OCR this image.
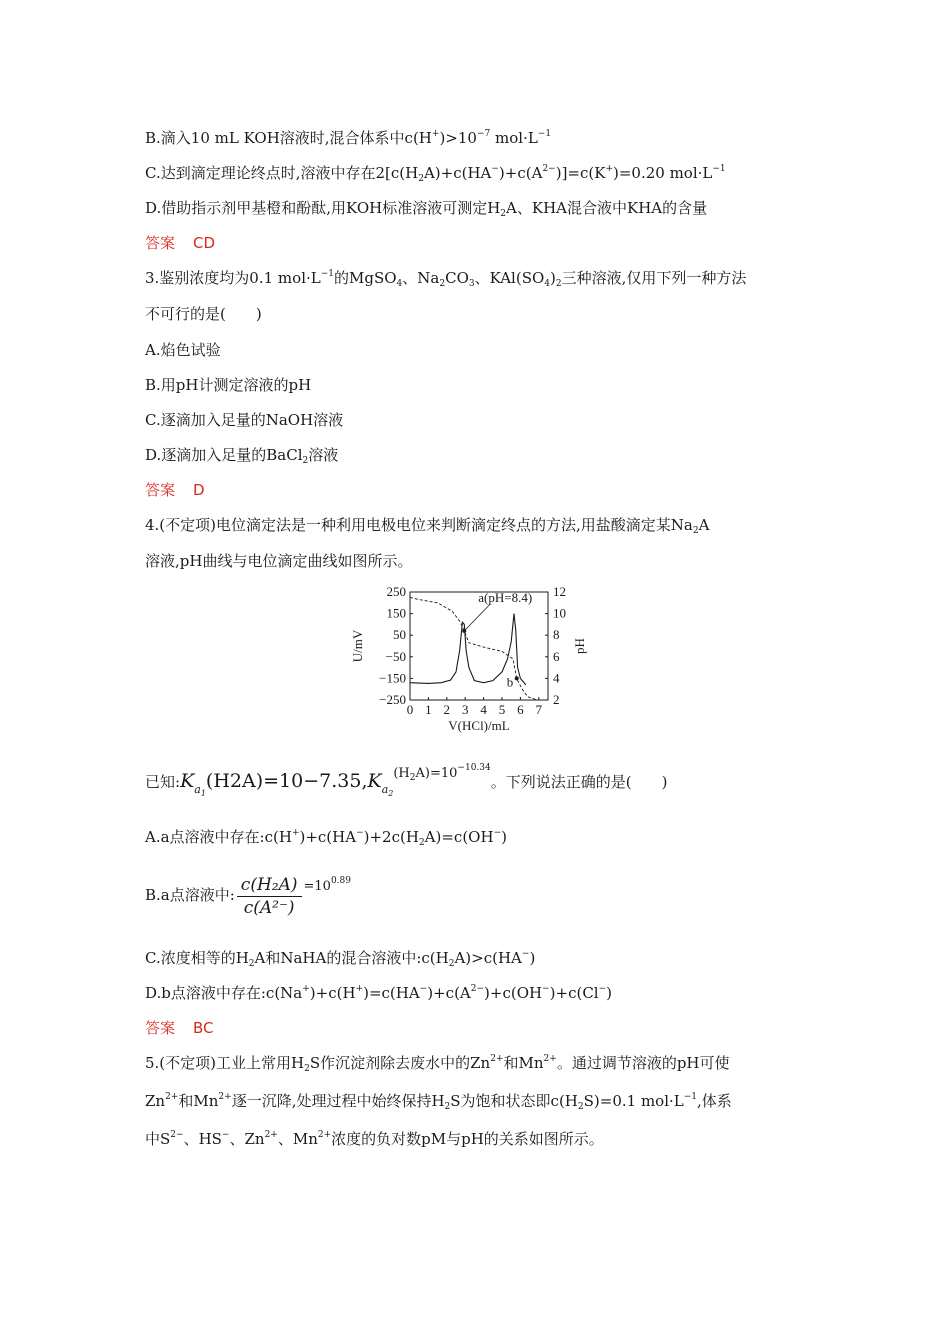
B.滴入10 mL KOH溶液时,混合体系中$c(H^+)>10^{-7}$ $mol\cdot L^{-1}$
C.达到滴定理论终点时,溶液中存在$2[c(H_2A)+c(HA^-)+c(A^{2-})]=c(K^+)=0.20$ $mol\cdot L^{-1}$
D.借助指示剂甲基橙和酚酞,用KOH标准溶液可测定$H_2A$、KHA混合液中KHA的含量
答案 CD
3.鉴别浓度均为0.1 $mol\cdot L^{-1}$的MgSO$_4$、$Na_2CO_3$、$KAl(SO_4)_2$三种溶液,仅用下列一种方法
不可行的是(　　)
A.焰色试验
B.用pH计测定溶液的pH
C.逐滴加入足量的NaOH溶液
D.逐滴加入足量的BaCl$_2$溶液
答案 D
4.(不定项)电位滴定法是一种利用电极电位来判断滴定终点的方法,用盐酸滴定某$Na_2A$
溶液,pH曲线与电位滴定曲线如图所示。
0 1 2 3 4 5 6 7
250
150
50
−50
−150
−250
12
10
8
6
4
2
V(HCl)/mL
U/mV	pH
a(pH=8.4)
b
已知$:K_{a_1}(H2A)=10-7.35,K_{a_2}^{(H_2A)=10^{-10.34}}$。下列说法正确的是(　　)
A.a点溶液中存在$:c(H^+)+c(HA^-)+2c(H_2A)=c(OH^-)$
B.a点溶液中: $\frac{\text{c(H₂A)}}{\text{c(A²⁻)}} ^{=10^{0.89}}$
C.浓度相等的$H_2A$和NaHA的混合溶液中$:c(H_2A)>c(HA^-)$
D.b点溶液中存在$:c(Na^+)+c(H^+)=c(HA^-)+c(A^{2-})+c(OH^-)+c(Cl^-)$
答案 BC
5.(不定项)工业上常用$H_2S$作沉淀剂除去废水中的$Zn^{2+}$和$Mn^{2+}$。通过调节溶液的pH可使
$Zn^{2+}$和$Mn^{2+}$逐一沉降,处理过程中始终保持$H_2S$为饱和状态即$c(H_2S)=0.1$ $mol\cdot L^{-1}$,体系
中$S^{2-}$、HS−、$Zn^{2+}$、$Mn^{2+}$浓度的负对数pM与pH的关系如图所示。
